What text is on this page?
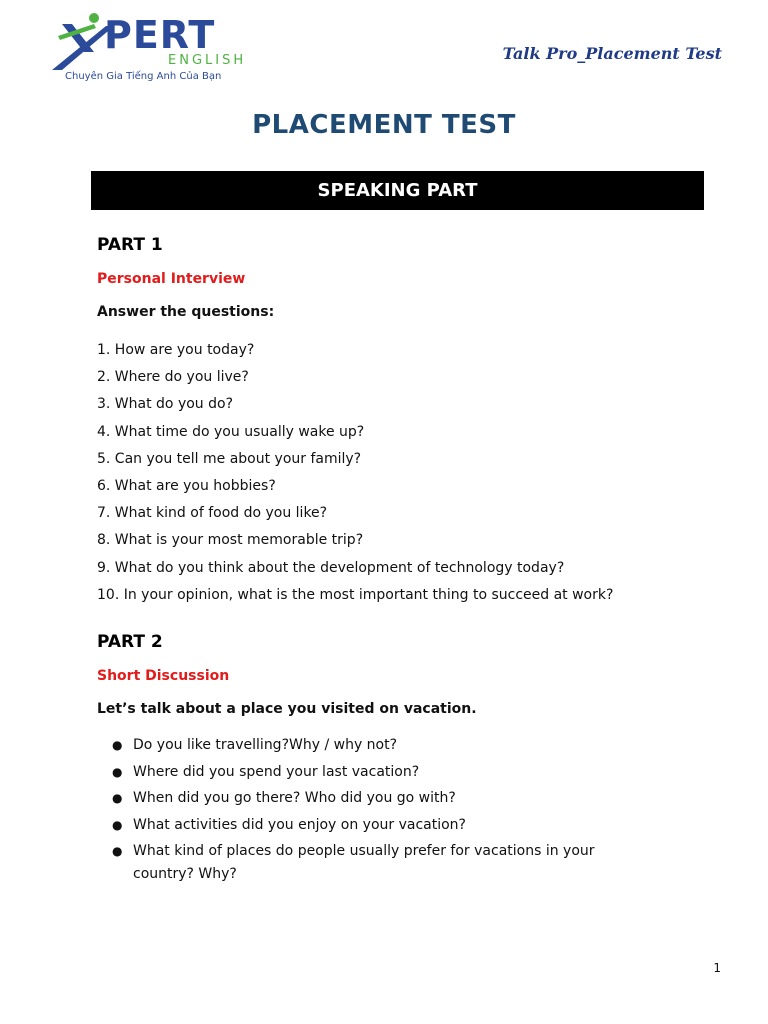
PERT
ENGLISH
Chuyên Gia Tiếng Anh Của Bạn
Talk Pro_Placement Test
PLACEMENT TEST
SPEAKING PART
PART 1
Personal Interview
Answer the questions:
1. How are you today?
2. Where do you live?
3. What do you do?
4. What time do you usually wake up?
5. Can you tell me about your family?
6. What are you hobbies?
7. What kind of food do you like?
8. What is your most memorable trip?
9. What do you think about the development of technology today?
10. In your opinion, what is the most important thing to succeed at work?
PART 2
Short Discussion
Let’s talk about a place you visited on vacation.
● Do you like travelling?Why / why not?
● Where did you spend your last vacation?
● When did you go there? Who did you go with?
● What activities did you enjoy on your vacation?
● What kind of places do people usually prefer for vacations in your country? Why?
1
